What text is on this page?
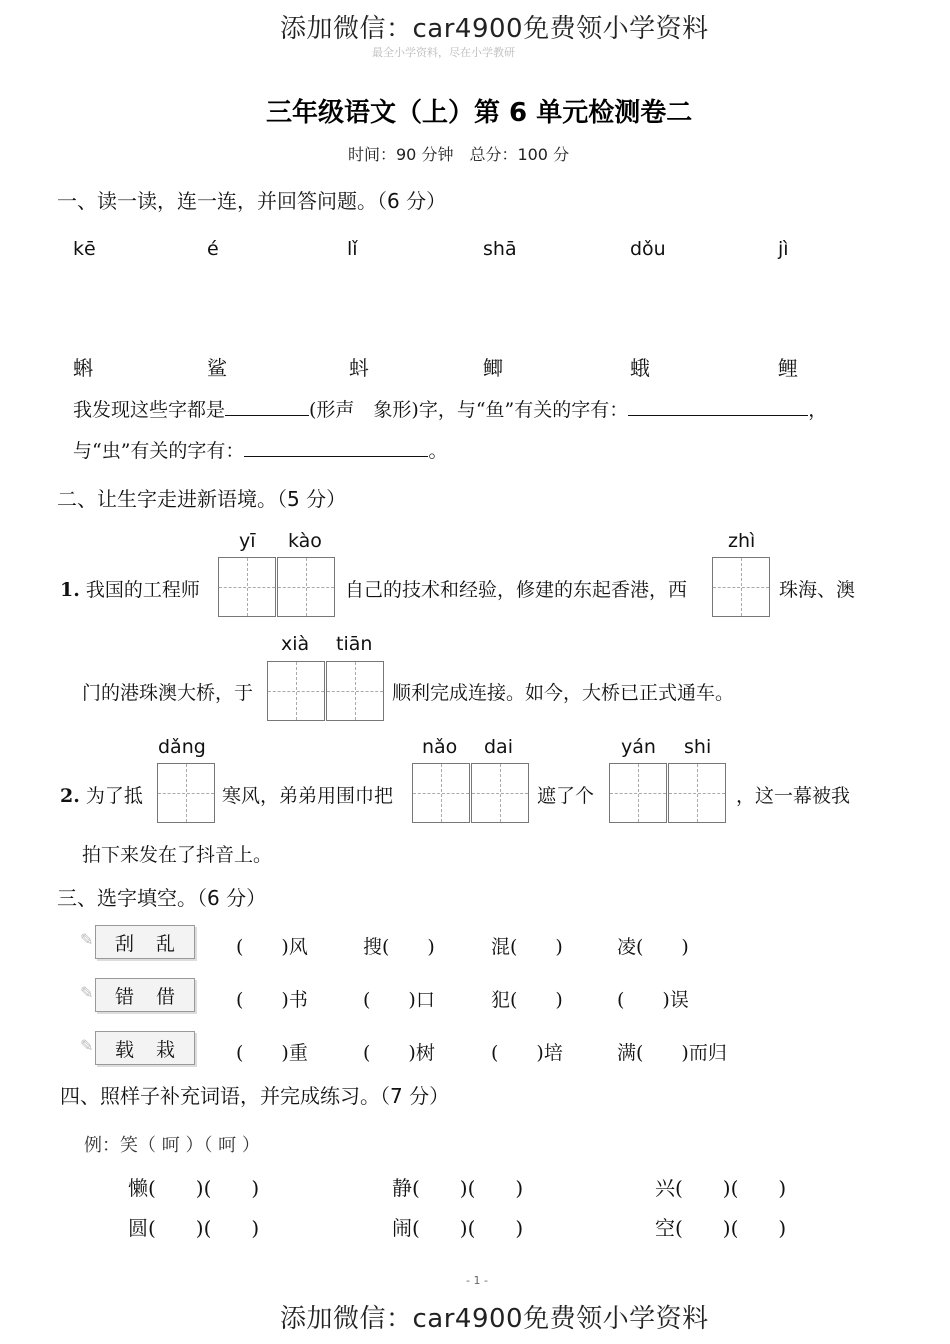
添加微信：car4900免费领小学资料
最全小学资料，尽在小学教研
三年级语文（上）第 6 单元检测卷二
时间：90 分钟　总分：100 分
一、读一读，连一连，并回答问题。（6 分）
kē	é	lǐ	shā	dǒu	jì
蝌	鲨	蚪	鲫	蛾	鲤
我发现这些字都是	(形声　象形)字，与“鱼”有关的字有：	，
与“虫”有关的字有：	。
二、让生字走进新语境。（5 分）
yī kào	zhì
1. 我国的工程师	自己的技术和经验，修建的东起香港，西	珠海、澳
xià tiān
门的港珠澳大桥，于	顺利完成连接。如今，大桥已正式通车。
dǎng	nǎo dai	yán shi
2. 为了抵	寒风，弟弟用围巾把	遮了个	，这一幕被我
拍下来发在了抖音上。
三、选字填空。（6 分）
✎ 刮 乱	(　　)风	搜(　　)	混(　　)	凌(　　)
✎ 错 借	(　　)书	(　　)口	犯(　　)	(　　)误
✎ 载 栽	(　　)重	(　　)树	(　　)培	满(　　)而归
四、照样子补充词语，并完成练习。（7 分）
例：笑（ 呵 ）（ 呵 ）
懒(　　)(　　)	静(　　)(　　)	兴(　　)(　　)
圆(　　)(　　)	闹(　　)(　　)	空(　　)(　　)
- 1 -
添加微信：car4900免费领小学资料
